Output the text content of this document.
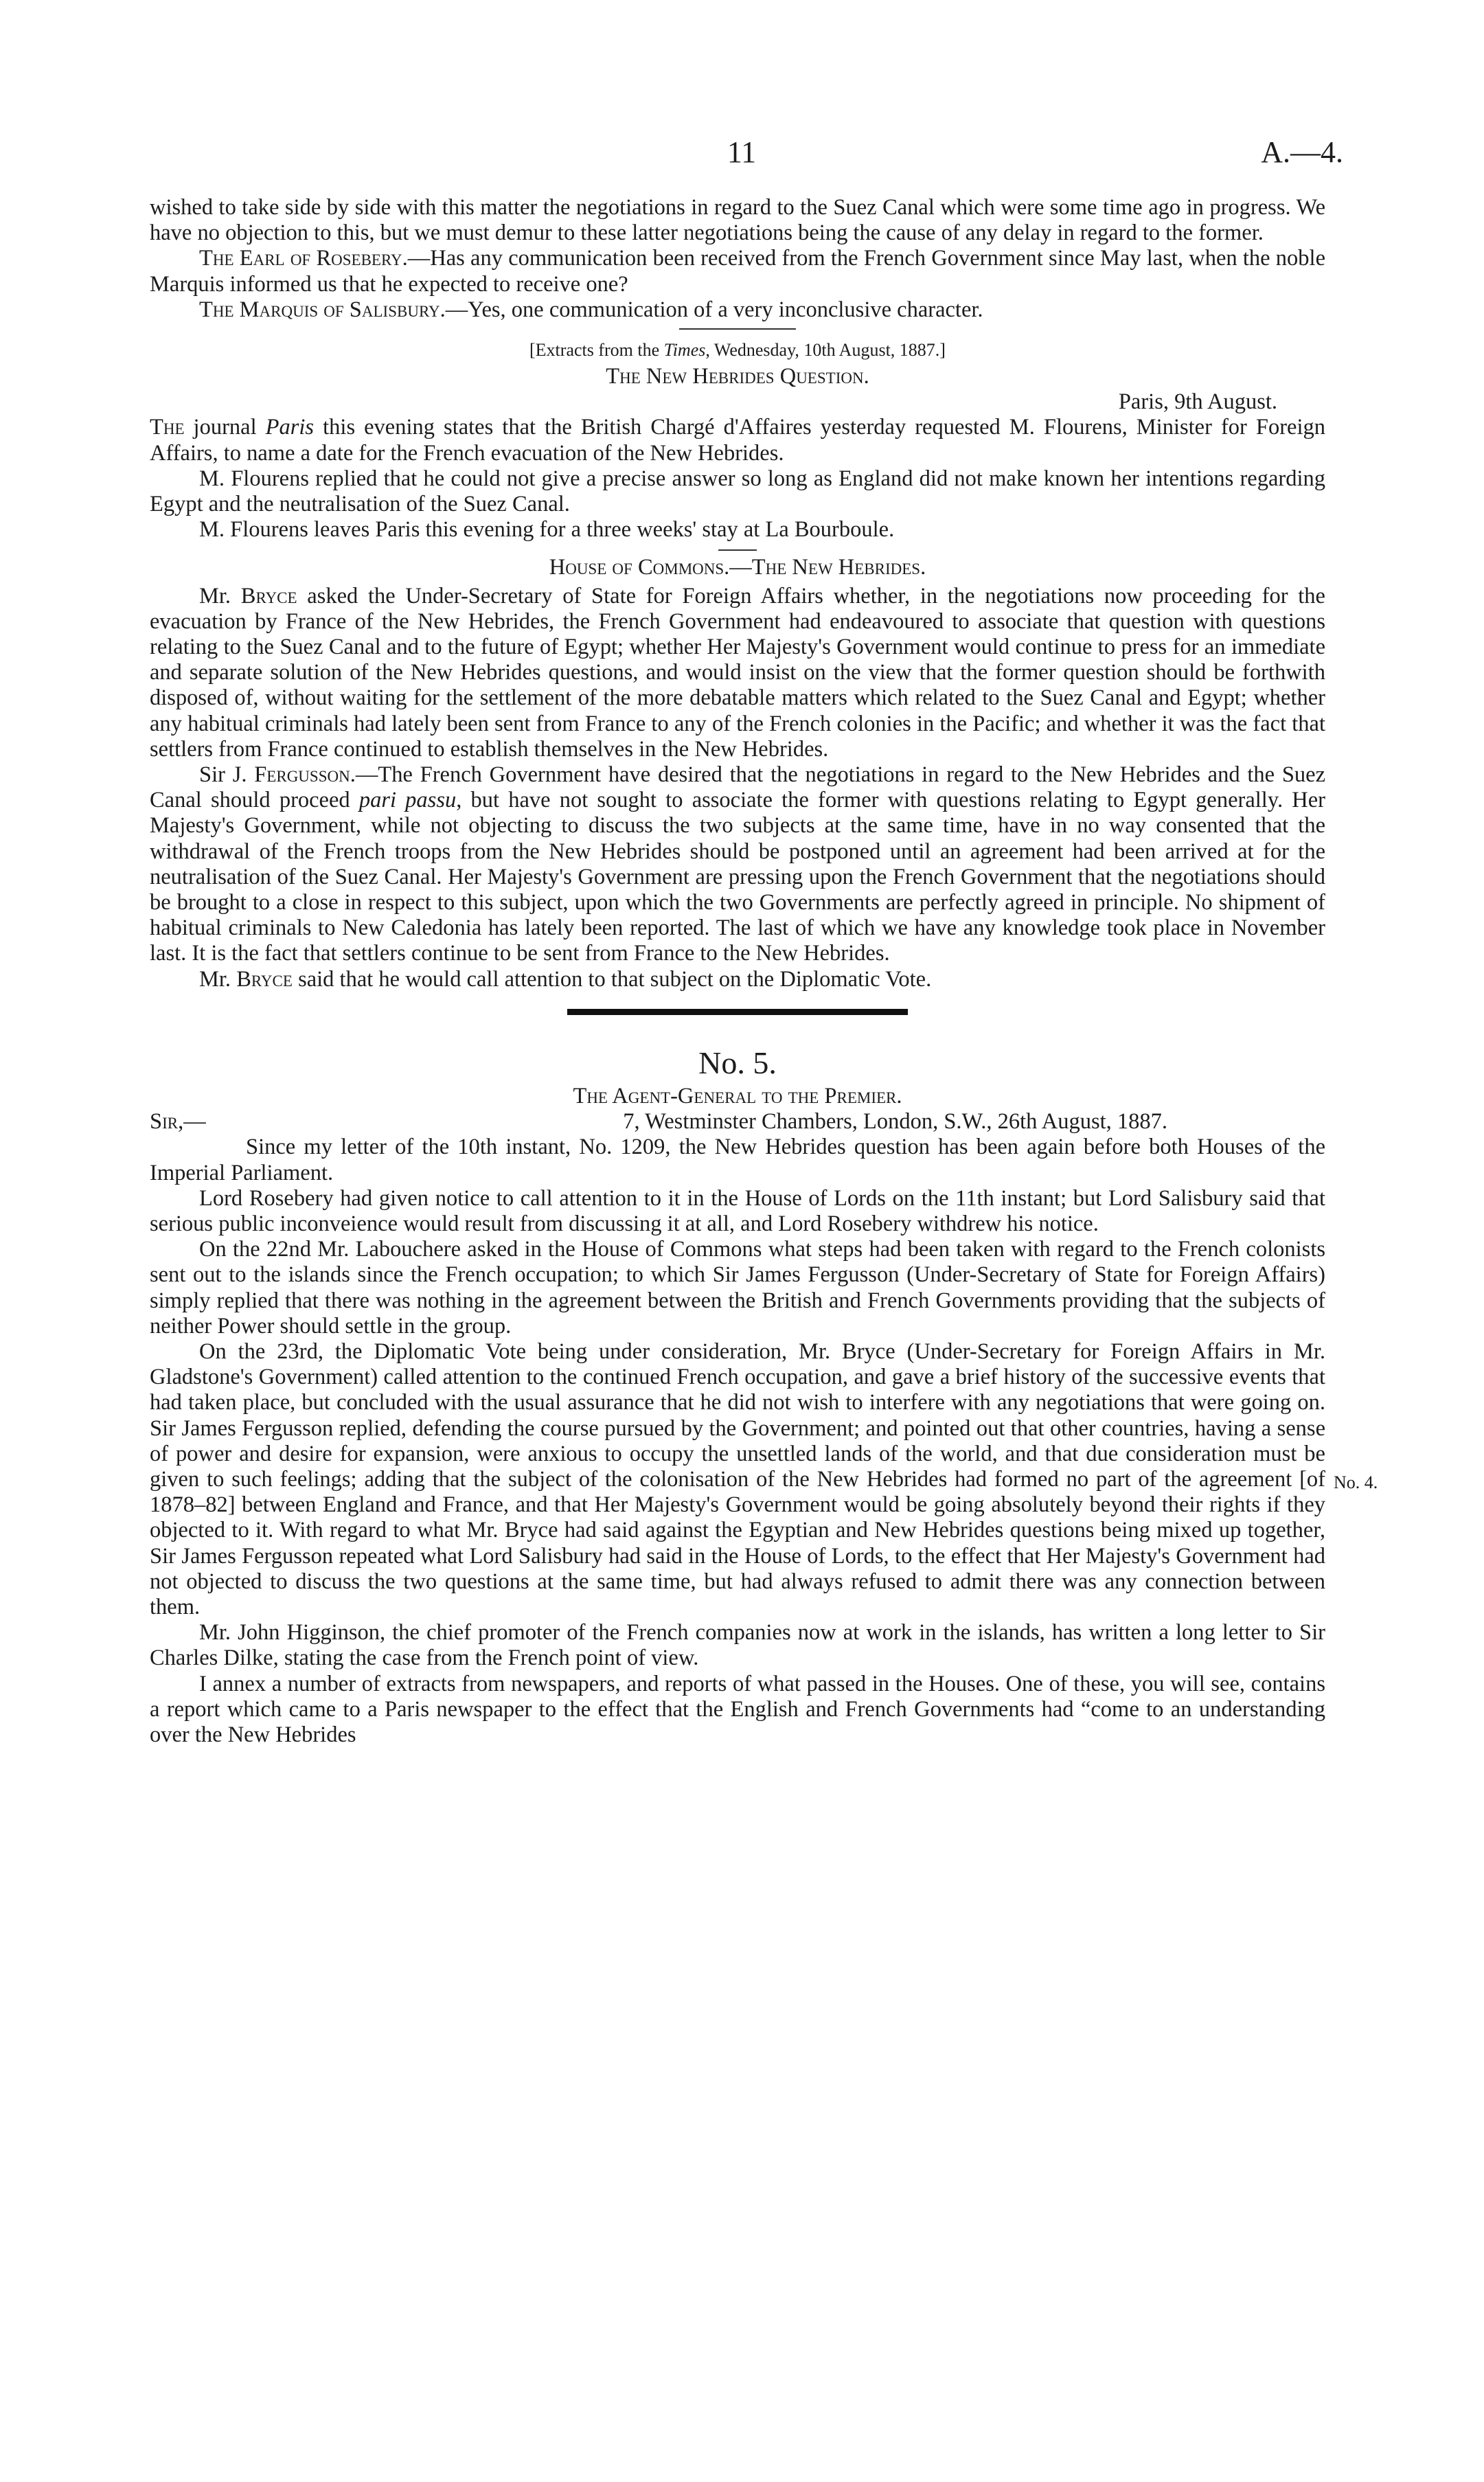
11	A.—4.

wished to take side by side with this matter the negotiations in regard to the Suez Canal which were some time ago in progress. We have no objection to this, but we must demur to these latter negotiations being the cause of any delay in regard to the former.

The Earl of Rosebery.—Has any communication been received from the French Government since May last, when the noble Marquis informed us that he expected to receive one?

The Marquis of Salisbury.—Yes, one communication of a very inconclusive character.

[Extracts from the Times, Wednesday, 10th August, 1887.]

The New Hebrides Question.

Paris, 9th August.

The journal Paris this evening states that the British Chargé d'Affaires yesterday requested M. Flourens, Minister for Foreign Affairs, to name a date for the French evacuation of the New Hebrides.

M. Flourens replied that he could not give a precise answer so long as England did not make known her intentions regarding Egypt and the neutralisation of the Suez Canal.

M. Flourens leaves Paris this evening for a three weeks' stay at La Bourboule.

House of Commons.—The New Hebrides.

Mr. Bryce asked the Under-Secretary of State for Foreign Affairs whether, in the negotiations now proceeding for the evacuation by France of the New Hebrides, the French Government had endeavoured to associate that question with questions relating to the Suez Canal and to the future of Egypt; whether Her Majesty's Government would continue to press for an immediate and separate solution of the New Hebrides questions, and would insist on the view that the former question should be forthwith disposed of, without waiting for the settlement of the more debatable matters which related to the Suez Canal and Egypt; whether any habitual criminals had lately been sent from France to any of the French colonies in the Pacific; and whether it was the fact that settlers from France continued to establish themselves in the New Hebrides.

Sir J. Fergusson.—The French Government have desired that the negotiations in regard to the New Hebrides and the Suez Canal should proceed pari passu, but have not sought to associate the former with questions relating to Egypt generally. Her Majesty's Government, while not objecting to discuss the two subjects at the same time, have in no way consented that the withdrawal of the French troops from the New Hebrides should be postponed until an agreement had been arrived at for the neutralisation of the Suez Canal. Her Majesty's Government are pressing upon the French Government that the negotiations should be brought to a close in respect to this subject, upon which the two Governments are perfectly agreed in principle. No shipment of habitual criminals to New Caledonia has lately been reported. The last of which we have any knowledge took place in November last. It is the fact that settlers continue to be sent from France to the New Hebrides.

Mr. Bryce said that he would call attention to that subject on the Diplomatic Vote.

No. 5.

The Agent-General to the Premier.

Sir,—	7, Westminster Chambers, London, S.W., 26th August, 1887.

Since my letter of the 10th instant, No. 1209, the New Hebrides question has been again before both Houses of the Imperial Parliament.

Lord Rosebery had given notice to call attention to it in the House of Lords on the 11th instant; but Lord Salisbury said that serious public inconveience would result from discussing it at all, and Lord Rosebery withdrew his notice.

On the 22nd Mr. Labouchere asked in the House of Commons what steps had been taken with regard to the French colonists sent out to the islands since the French occupation; to which Sir James Fergusson (Under-Secretary of State for Foreign Affairs) simply replied that there was nothing in the agreement between the British and French Governments providing that the subjects of neither Power should settle in the group.

On the 23rd, the Diplomatic Vote being under consideration, Mr. Bryce (Under-Secretary for Foreign Affairs in Mr. Gladstone's Government) called attention to the continued French occupation, and gave a brief history of the successive events that had taken place, but concluded with the usual assurance that he did not wish to interfere with any negotiations that were going on. Sir James Fergusson replied, defending the course pursued by the Government; and pointed out that other countries, having a sense of power and desire for expansion, were anxious to occupy the unsettled lands of the world, and that due consideration must be given to such feelings; adding that the subject of the colonisation of the New Hebrides had formed no part of the agreement [of 1878–82] between England and France, and that Her Majesty's Government would be going absolutely beyond their rights if they objected to it. With regard to what Mr. Bryce had said against the Egyptian and New Hebrides questions being mixed up together, Sir James Fergusson repeated what Lord Salisbury had said in the House of Lords, to the effect that Her Majesty's Government had not objected to discuss the two questions at the same time, but had always refused to admit there was any connection between them.

Mr. John Higginson, the chief promoter of the French companies now at work in the islands, has written a long letter to Sir Charles Dilke, stating the case from the French point of view.

I annex a number of extracts from newspapers, and reports of what passed in the Houses. One of these, you will see, contains a report which came to a Paris newspaper to the effect that the English and French Governments had “come to an understanding over the New Hebrides

No. 4.
